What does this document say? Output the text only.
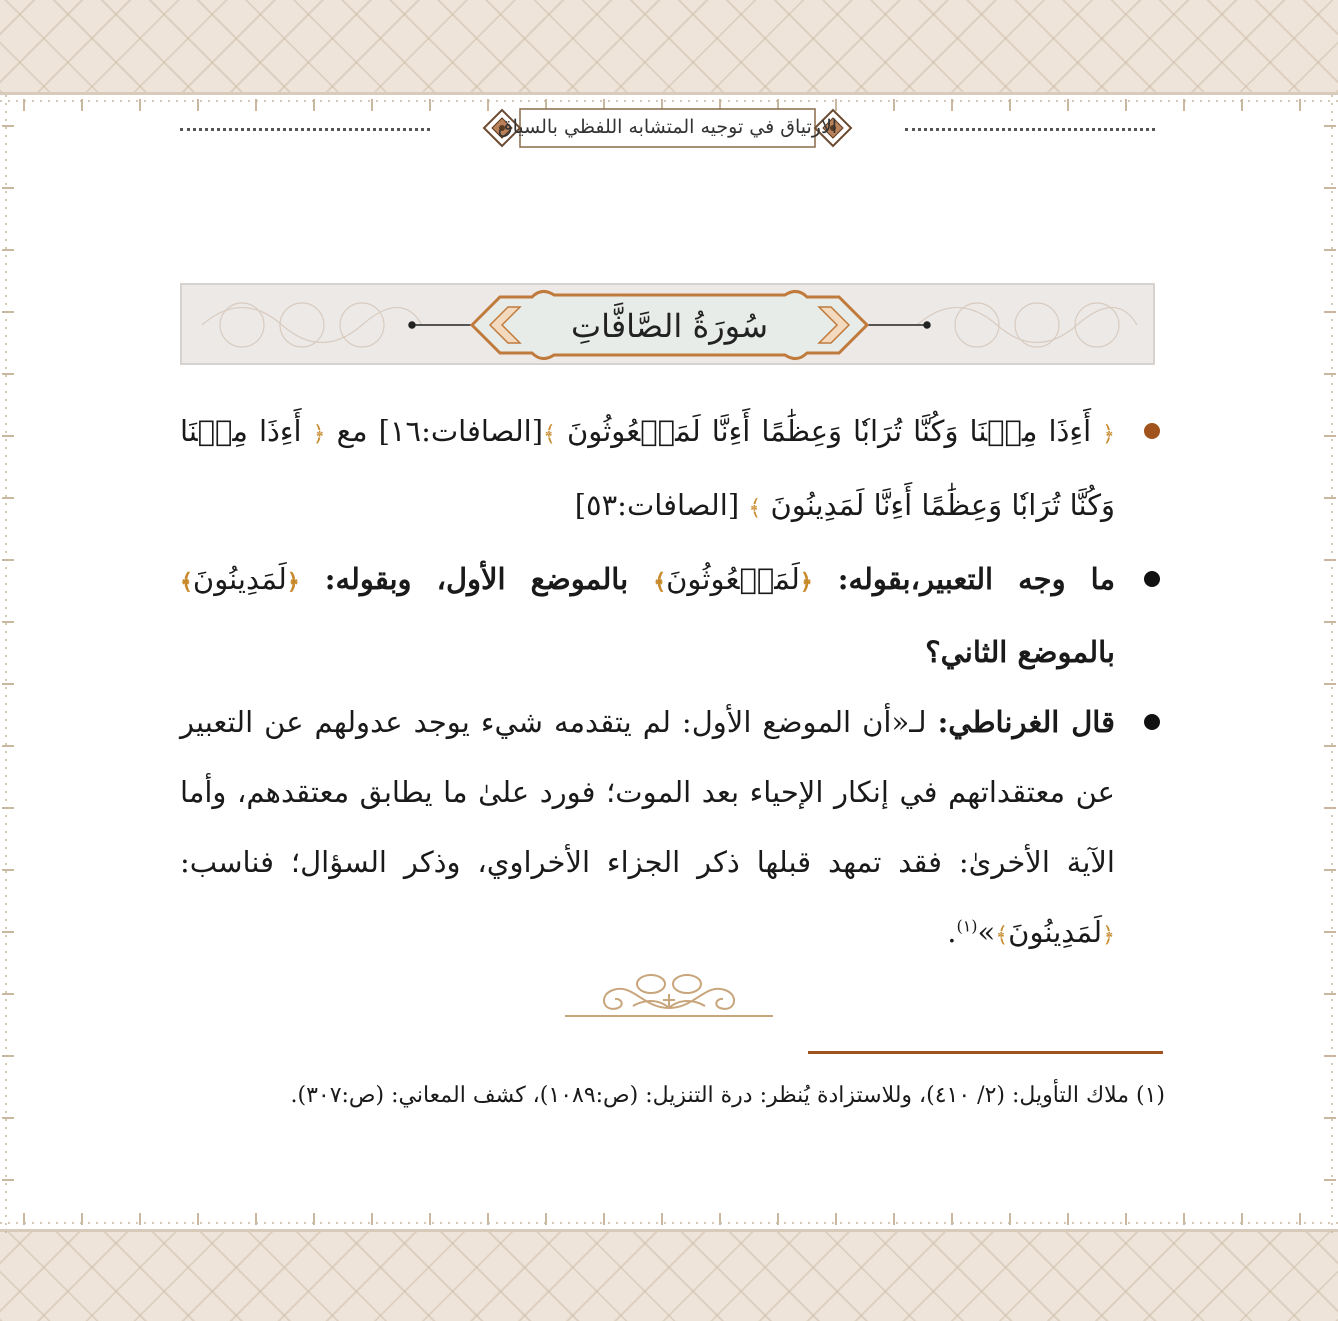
الارتياق في توجيه المتشابه اللفظي بالسياق
سُورَةُ الصَّافَّاتِ

﴿ أَءِذَا مِتۡنَا وَكُنَّا تُرَابٗا وَعِظَٰمًا أَءِنَّا لَمَبۡعُوثُونَ ﴾[الصافات:١٦] مع ﴿ أَءِذَا مِتۡنَا وَكُنَّا تُرَابٗا وَعِظَٰمًا أَءِنَّا لَمَدِينُونَ ﴾ [الصافات:٥٣]

ما وجه التعبير،بقوله: ﴿لَمَبۡعُوثُونَ﴾ بالموضع الأول، وبقوله: ﴿لَمَدِينُونَ﴾ بالموضع الثاني؟

قال الغرناطي: لـ«أن الموضع الأول: لم يتقدمه شيء يوجد عدولهم عن التعبير عن معتقداتهم في إنكار الإحياء بعد الموت؛ فورد علىٰ ما يطابق معتقدهم، وأما الآية الأخرىٰ: فقد تمهد قبلها ذكر الجزاء الأخراوي، وذكر السؤال؛ فناسب: ﴿لَمَدِينُونَ﴾»$^{(١)}$.

(١) ملاك التأويل: (٢/ ٤١٠)، وللاستزادة يُنظر: درة التنزيل: (ص:١٠٨٩)، كشف المعاني: (ص:٣٠٧).
